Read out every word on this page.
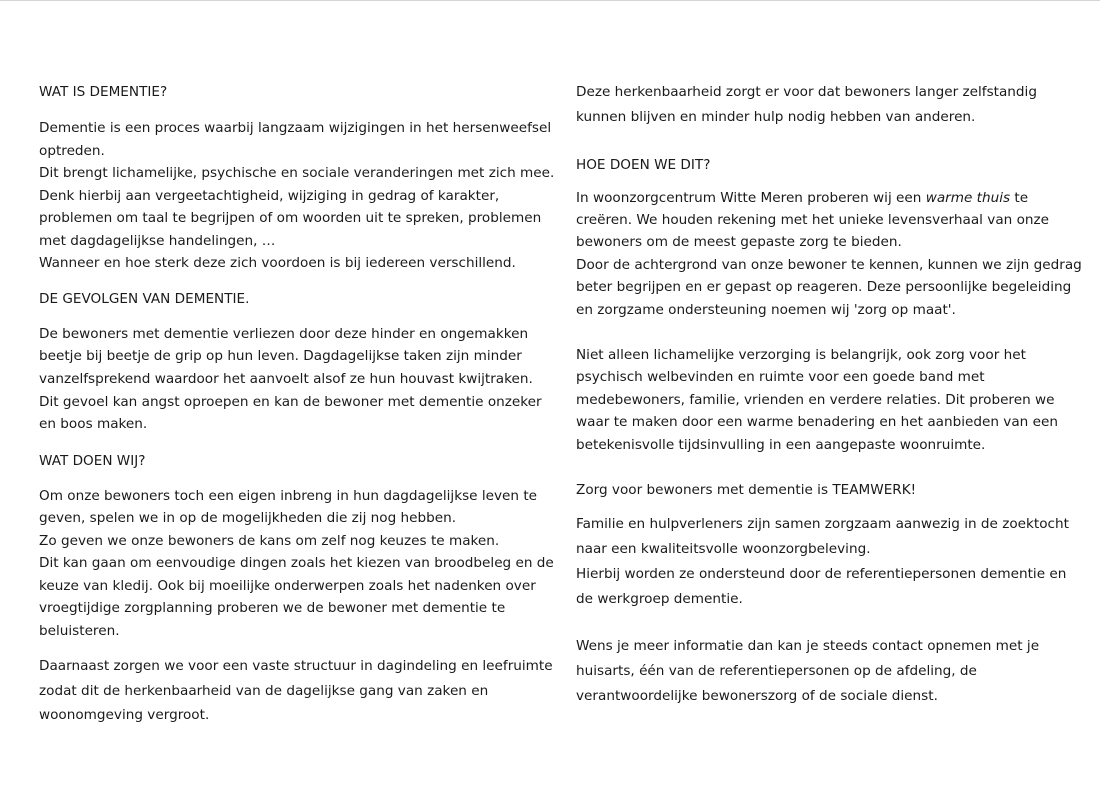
WAT IS DEMENTIE?
Dementie is een proces waarbij langzaam wijzigingen in het hersenweefsel
optreden.
Dit brengt lichamelijke, psychische en sociale veranderingen met zich mee.
Denk hierbij aan vergeetachtigheid, wijziging in gedrag of karakter,
problemen om taal te begrijpen of om woorden uit te spreken, problemen
met dagdagelijkse handelingen, …
Wanneer en hoe sterk deze zich voordoen is bij iedereen verschillend.
DE GEVOLGEN VAN DEMENTIE.
De bewoners met dementie verliezen door deze hinder en ongemakken
beetje bij beetje de grip op hun leven. Dagdagelijkse taken zijn minder
vanzelfsprekend waardoor het aanvoelt alsof ze hun houvast kwijtraken.
Dit gevoel kan angst oproepen en kan de bewoner met dementie onzeker
en boos maken.
WAT DOEN WIJ?
Om onze bewoners toch een eigen inbreng in hun dagdagelijkse leven te
geven, spelen we in op de mogelijkheden die zij nog hebben.
Zo geven we onze bewoners de kans om zelf nog keuzes te maken.
Dit kan gaan om eenvoudige dingen zoals het kiezen van broodbeleg en de
keuze van kledij. Ook bij moeilijke onderwerpen zoals het nadenken over
vroegtijdige zorgplanning proberen we de bewoner met dementie te
beluisteren.
Daarnaast zorgen we voor een vaste structuur in dagindeling en leefruimte
zodat dit de herkenbaarheid van de dagelijkse gang van zaken en
woonomgeving vergroot.
Deze herkenbaarheid zorgt er voor dat bewoners langer zelfstandig
kunnen blijven en minder hulp nodig hebben van anderen.
HOE DOEN WE DIT?
In woonzorgcentrum Witte Meren proberen wij een warme thuis te
creëren. We houden rekening met het unieke levensverhaal van onze
bewoners om de meest gepaste zorg te bieden.
Door de achtergrond van onze bewoner te kennen, kunnen we zijn gedrag
beter begrijpen en er gepast op reageren. Deze persoonlijke begeleiding
en zorgzame ondersteuning noemen wij 'zorg op maat'.
Niet alleen lichamelijke verzorging is belangrijk, ook zorg voor het
psychisch welbevinden en ruimte voor een goede band met
medebewoners, familie, vrienden en verdere relaties. Dit proberen we
waar te maken door een warme benadering en het aanbieden van een
betekenisvolle tijdsinvulling in een aangepaste woonruimte.
Zorg voor bewoners met dementie is TEAMWERK!
Familie en hulpverleners zijn samen zorgzaam aanwezig in de zoektocht
naar een kwaliteitsvolle woonzorgbeleving.
Hierbij worden ze ondersteund door de referentiepersonen dementie en
de werkgroep dementie.
Wens je meer informatie dan kan je steeds contact opnemen met je
huisarts, één van de referentiepersonen op de afdeling, de
verantwoordelijke bewonerszorg of de sociale dienst.
